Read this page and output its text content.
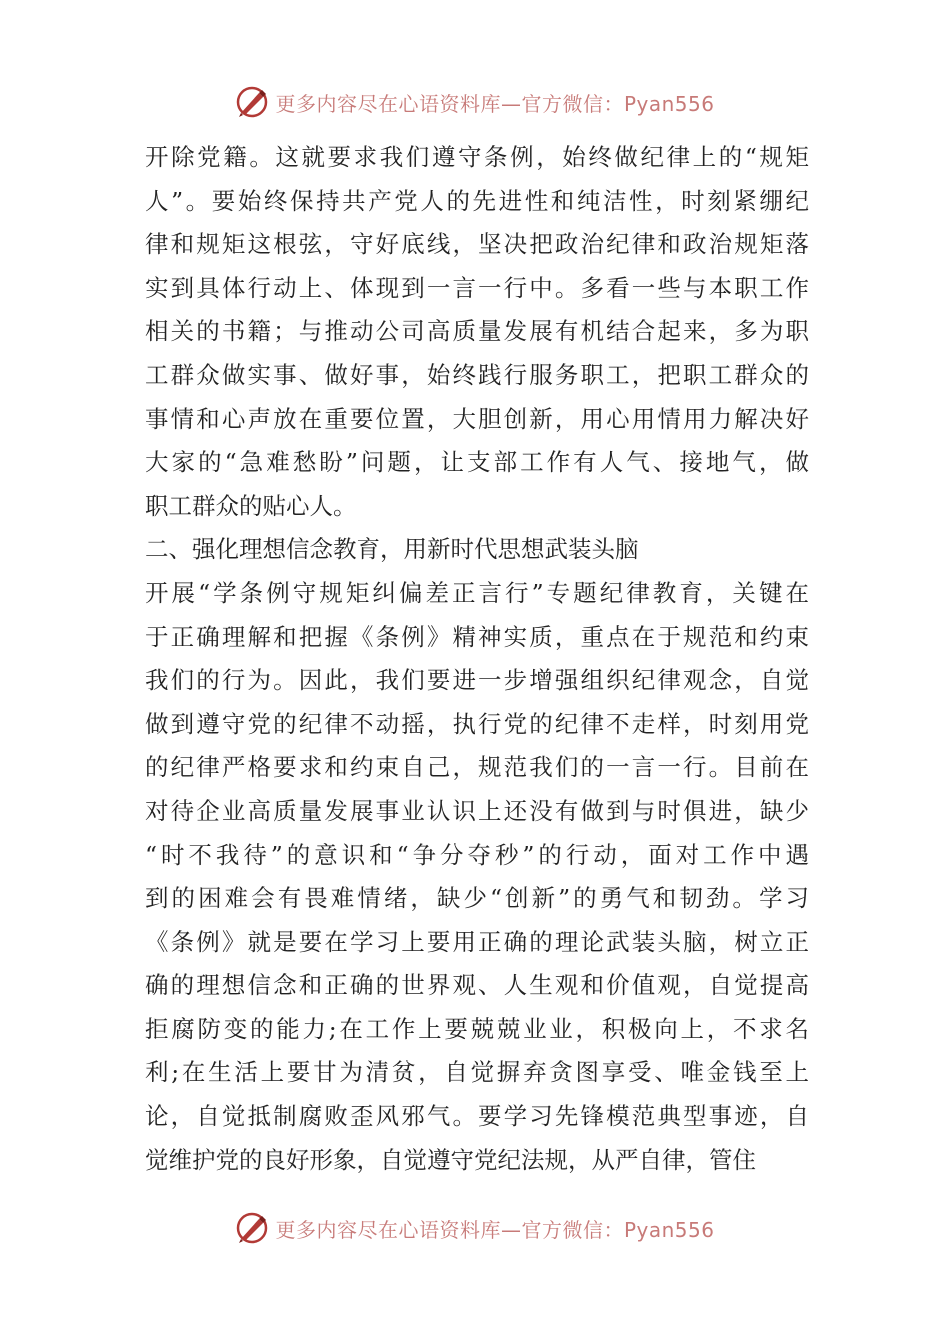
更多内容尽在心语资料库—官方微信：Pyan556
开除党籍。这就要求我们遵守条例，始终做纪律上的“规矩
人”。要始终保持共产党人的先进性和纯洁性，时刻紧绷纪
律和规矩这根弦，守好底线，坚决把政治纪律和政治规矩落
实到具体行动上、体现到一言一行中。多看一些与本职工作
相关的书籍；与推动公司高质量发展有机结合起来，多为职
工群众做实事、做好事，始终践行服务职工，把职工群众的
事情和心声放在重要位置，大胆创新，用心用情用力解决好
大家的“急难愁盼”问题，让支部工作有人气、接地气，做
职工群众的贴心人。
二、强化理想信念教育，用新时代思想武装头脑
开展“学条例守规矩纠偏差正言行”专题纪律教育，关键在
于正确理解和把握《条例》精神实质，重点在于规范和约束
我们的行为。因此，我们要进一步增强组织纪律观念，自觉
做到遵守党的纪律不动摇，执行党的纪律不走样，时刻用党
的纪律严格要求和约束自己，规范我们的一言一行。目前在
对待企业高质量发展事业认识上还没有做到与时俱进，缺少
“时不我待”的意识和“争分夺秒”的行动，面对工作中遇
到的困难会有畏难情绪，缺少“创新”的勇气和韧劲。学习
《条例》就是要在学习上要用正确的理论武装头脑，树立正
确的理想信念和正确的世界观、人生观和价值观，自觉提高
拒腐防变的能力;在工作上要兢兢业业，积极向上，不求名
利;在生活上要甘为清贫，自觉摒弃贪图享受、唯金钱至上
论，自觉抵制腐败歪风邪气。要学习先锋模范典型事迹，自
觉维护党的良好形象，自觉遵守党纪法规，从严自律，管住
更多内容尽在心语资料库—官方微信：Pyan556
